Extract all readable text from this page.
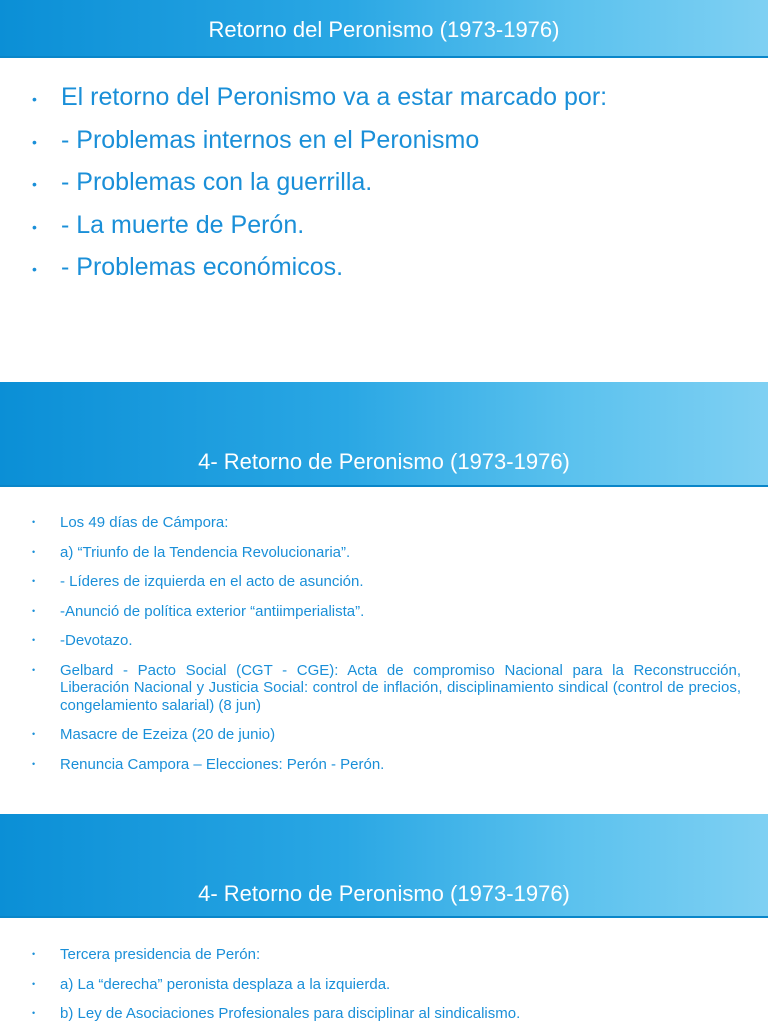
Retorno del Peronismo (1973-1976)
• El retorno del Peronismo va a estar marcado por:
• - Problemas internos en el Peronismo
• - Problemas con la guerrilla.
• - La muerte de Perón.
• - Problemas económicos.
4- Retorno de Peronismo (1973-1976)
• Los 49 días de Cámpora:
• a) “Triunfo de la Tendencia Revolucionaria”.
• - Líderes de izquierda en el acto de asunción.
• -Anunció de política exterior “antiimperialista”.
• -Devotazo.
• Gelbard - Pacto Social (CGT - CGE): Acta de compromiso Nacional para la Reconstrucción, Liberación Nacional y Justicia Social: control de inflación, disciplinamiento sindical (control de precios, congelamiento salarial) (8 jun)
• Masacre de Ezeiza (20 de junio)
• Renuncia Campora – Elecciones: Perón - Perón.
4- Retorno de Peronismo (1973-1976)
• Tercera presidencia de Perón:
• a) La “derecha” peronista desplaza a la izquierda.
• b) Ley de Asociaciones Profesionales para disciplinar al sindicalismo.
